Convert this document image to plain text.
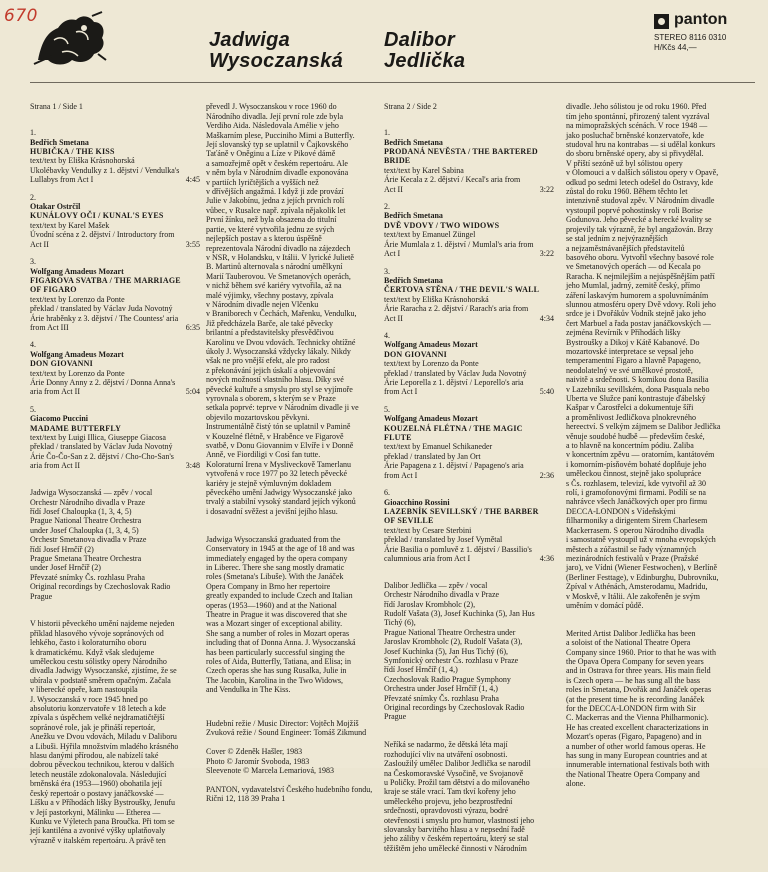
670
Jadwiga
Wysoczanská
Dalibor
Jedlička
panton
STEREO 8116 0310
H/Kčs 44,—

Strana 1 / Side 1

1.
Bedřich Smetana
HUBIČKA / THE KISS
text/text by Eliška Krásnohorská
Ukolébavky Vendulky z 1. dějství / Vendulka's
Lullabys from Act I	4:45
2.
Otakar Ostrčil
KUNÁLOVY OČI / KUNAL'S EYES
text/text by Karel Mašek
Úvodní scéna z 2. dějství / Introductory from
Act II	3:55
3.
Wolfgang Amadeus Mozart
FIGAROVA SVATBA / THE MARRIAGE
OF FIGARO
text/text by Lorenzo da Ponte
překlad / translated by Václav Juda Novotný
Árie hraběnky z 3. dějství / The Countess' aria
from Act III	6:35
4.
Wolfgang Amadeus Mozart
DON GIOVANNI
text/text by Lorenzo da Ponte
Árie Donny Anny z 2. dějství / Donna Anna's
aria from Act II	5:04
5.
Giacomo Puccini
MADAME BUTTERFLY
text/text by Luigi Illica, Giuseppe Giacosa
překlad / translated by Václav Juda Novotný
Árie Čo-Čo-San z 2. dějství / Cho-Cho-San's
aria from Act II	3:48

Jadwiga Wysoczanská — zpěv / vocal
Orchestr Národního divadla v Praze
řídí Josef Chaloupka (1, 3, 4, 5)
Prague National Theatre Orchestra
under Josef Chaloupka (1, 3, 4, 5)
Orchestr Smetanova divadla v Praze
řídí Josef Hrnčíř (2)
Prague Smetana Theatre Orchestra
under Josef Hrnčíř (2)
Převzaté snímky Čs. rozhlasu Praha
Original recordings by Czechoslovak Radio
Prague

V historii pěveckého umění najdeme nejeden
příklad hlasového vývoje sopránových od
lehkého, často i koloraturního oboru
k dramatickému. Když však sledujeme
uměleckou cestu sólistky opery Národního
divadla Jadwigy Wysoczanské, zjistíme, že se
ubírala v podstatě směrem opačným. Začala
v liberecké opeře, kam nastoupila
J. Wysoczanská v roce 1945 hned po
absolutoriu konzervatoře v 18 letech a kde
zpívala s úspěchem velké nejdramatičtější
sopránové role, jak je přináší repertoár,
Anežku ve Dvou vdovách, Miladu v Daliboru
a Libuši. Hýřila množstvím mladého krásného
hlasu danými přírodou, ale nabízelí také
dobrou pěveckou technikou, kterou v dalších
letech neustále zdokonalovala. Následující
brněnská éra (1953—1960) obohatila její
český repertoár o postavy janáčkovské —
Líšku a v Příhodách lišky Bystroušky, Jenufu
v Její pastorkyni, Málinku — Etherea —
Kunku ve Výletech pana Broučka. Při tom se
její kantiléna a zvonivé výšky uplatňovaly
výrazně v italském repertoáru. A právě ten

převedl J. Wysoczanskou v roce 1960 do
Národního divadla. Její první role zde byla
Verdiho Aida. Následovala Amélie v jeho
Maškarním plese, Pucciniho Mimi a Butterfly.
Její slovanský typ se uplatnil v Čajkovského
Taťáně v Oněginu a Líze v Pikové dámě
a samozřejmě opět v českém repertoáru. Ale
v něm byla v Národním divadle exponována
v partiích lyričtějších a vyšších než
v dřívějších angažmá. I když ji zde provází
Julie v Jakobínu, jedna z jejích prvních rolí
vůbec, v Rusalce např. zpívala nějakolik let
První žínku, než byla obsazena do titulní
partie, ve které vytvořila jednu ze svých
nejlepších postav a s kterou úspěšně
reprezentovala Národní divadlo na zájezdech
v NSR, v Holandsku, v Itálii. V lyrické Julietě
B. Martinů alternovala s národní umělkyní
Marií Tauberovou. Ve Smetanových operách,
v nichž během své kariéry vytvořila, až na
malé výjimky, všechny postavy, zpívala
v Národním divadle nejen Vlčenku
v Braniborech v Čechách, Mařenku, Vendulku,
Již předcházela Barče, ale také pěvecky
brilantní a představitelsky přesvědčivou
Karolinu ve Dvou vdovách. Technicky ohtížné
úkoly J. Wysoczanská vždycky lákaly. Nikdy
však ne pro vnější efekt, ale pro radost
z překonávání jejich úskalí a objevování
nových možností vlastního hlasu. Díky své
pěvecké kultuře a smyslu pro styl se vyjímoře
vyrovnala s oborem, s kterým se v Praze
setkala poprvé: teprve v Národním divadle ji ve
objevilo mozartovskou pěvkyni.
Instrumentálně čistý tón se uplatnil v Pamině
v Kouzelné flétně, v Hraběnce ve Figarově
svatbě, v Donu Giovannim v Elvíře i v Donně
Anně, ve Fiordiligi v Così fan tutte.
Koloraturní Irena v Mysliveckově Tamerlanu
vytvořená v roce 1977 po 32 letech pěvecké
kariéry je stejně výmluvným dokladem
pěveckého umění Jadwigy Wysoczanské jako
trvalý a stabilní vysoký standard jejích výkonů
i dosavadní svěžest a jevišní jejího hlasu.

Jadwiga Wysoczanská graduated from the
Conservatory in 1945 at the age of 18 and was
immediately engaged by the opera company
in Liberec. There she sang mostly dramatic
roles (Smetana's Libuše). With the Janáček
Opera Company in Brno her repertoire
greatly expanded to include Czech and Italian
operas (1953—1960) and at the National
Theatre in Prague it was discovered that she
was a Mozart singer of exceptional ability.
She sang a number of roles in Mozart operas
including that of Donna Anna. J. Wysoczanská
has been particularly successful singing the
roles of Aida, Butterfly, Tatiana, and Elisa; in
Czech operas she has sung Rusalka, Julie in
The Jacobin, Karolina in the Two Widows,
and Vendulka in The Kiss.

Hudební režie / Music Director: Vojtěch Mojžíš
Zvuková režie / Sound Engineer: Tomáš Zikmund

Cover © Zdeněk Hašler, 1983
Photo © Jaromír Svoboda, 1983
Sleevenote © Marcela Lemariová, 1983

PANTON, vydavatelství Českého hudebního fondu,
Rični 12, 118 39 Praha 1

Strana 2 / Side 2

1.
Bedřich Smetana
PRODANÁ NEVĚSTA / THE BARTERED
BRIDE
text/text by Karel Sabina
Árie Kecala z 2. dějství / Kecal's aria from
Act II	3:22
2.
Bedřich Smetana
DVĚ VDOVY / TWO WIDOWS
text/text by Emanuel Züngel
Árie Mumlala z 1. dějství / Mumlal's aria from
Act I	3:22
3.
Bedřich Smetana
ČERTOVA STĚNA / THE DEVIL'S WALL
text/text by Eliška Krásnohorská
Árie Raracha z 2. dějství / Rarach's aria from
Act II	4:34
4.
Wolfgang Amadeus Mozart
DON GIOVANNI
text/text by Lorenzo da Ponte
překlad / translated by Václav Juda Novotný
Árie Leporella z 1. dějství / Leporello's aria
from Act I	5:40
5.
Wolfgang Amadeus Mozart
KOUZELNÁ FLÉTNA / THE MAGIC
FLUTE
text/text by Emanuel Schikaneder
překlad / translated by Jan Ort
Árie Papagena z 1. dějství / Papageno's aria
from Act I	2:36
6.
Gioacchino Rossini
LAZEBNÍK SEVILLSKÝ / THE BARBER
OF SEVILLE
text/text by Cesare Sterbini
překlad / translated by Josef Vymětal
Árie Basilia o pomluvě z 1. dějství / Bassilio's
calumnious aria from Act I	4:36

Dalibor Jedlička — zpěv / vocal
Orchestr Národního divadla v Praze
řídí Jaroslav Krombholc (2),
Rudolf Vašata (3), Josef Kuchinka (5), Jan Hus
Tichý (6),
Prague National Theatre Orchestra under
Jaroslav Krombholc (2), Rudolf Vašata (3),
Josef Kuchinka (5), Jan Hus Tichý (6),
Symfonický orchestr Čs. rozhlasu v Praze
řídí Josef Hrnčíř (1, 4,)
Czechoslovak Radio Prague Symphony
Orchestra under Josef Hrnčíř (1, 4,)
Převzaté snímky Čs. rozhlasu Praha
Original recordings by Czechoslovak Radio
Prague

Neříká se nadarmo, že dětská léta mají
rozhodující vliv na utváření osobnosti.
Zasloužilý umělec Dalibor Jedlička se narodil
na Českomoravské Vysočině, ve Svojanově
u Poličky. Prožil tam dětství a do milovaného
kraje se stále vrací. Tam tkví kořeny jeho
uměleckého projevu, jeho bezprostřední
srdečnosti, opravdovosti výrazu, bodré
otevřenosti i smyslu pro humor, vlastností jeho
slovansky barvitého hlasu a v nepsední řadě
jeho záliby v českém repertoáru, který se stal
těžištěm jeho umělecké činnosti v Národním

divadle. Jeho sólistou je od roku 1960. Před
tím jeho spontánní, přirozený talent vyzrával
na mimopražských scénách. V roce 1948 —
jako posluchač brněnské konzervatoře, kde
studoval hru na kontrabas — si udělal konkurs
do sboru brněnské opery, aby si přivydělal.
V příští sezóně už byl sólistou opery
v Olomouci a v dalších sólistou opery v Opavě,
odkud po sedmi letech odešel do Ostravy, kde
zůstal do roku 1960. Během těchto let
intenzivně studoval zpěv. V Národním divadle
vystoupil poprvé pohostinsky v roli Borise
Godunova. Jeho pěvecké a herecké kvality se
projevily tak výrazně, že byl angažován. Brzy
se stal jedním z nejvýraznějších
a nejzaměstnávanějších představitelů
basového oboru. Vytvořil všechny basové role
ve Smetanových operách — od Kecala po
Raracha. K nejmilejším a nejúspěšnějším patří
jeho Mumlal, jadrný, zemitě český, přímo
záření laskavým humorem a spoluvnímáním
slunnou atmosféru opery Dvě vdovy. Roli jeho
srdce je i Dvořákův Vodník stejně jako jeho
čert Marbuel a řada postav janáčkovských —
zejména Revírník v Příhodách lišky
Bystroušky a Dikoj v Kátě Kabanové. Do
mozartovské interpretace se vepsal jeho
temperamentní Figaro a hlavně Papageno,
neodolatelný ve své umělkové prostotě,
naivitě a srdečnosti. S komikou dona Basilia
v Lazebníku sevillském, dona Pasquala nebo
Uberta ve Služce paní kontrastuje ďábelský
Kašpar v Čarostřelci a dokumentuje šíři
a proměnlivost Jedličkova plnokrevného
hereectví. S velkým zájmem se Dalibor Jedlička
věnuje soudobé hudbě — především české,
a to hlavně na koncertním pódiu. Zaliba
v koncertním zpěvu — oratorním, kantátovém
i komorním-písňovém bohaté doplňuje jeho
uměleckou činnost, stejně jako spolupráce
s Čs. rozhlasem, televizí, kde vytvořil až 30
rolí, i gramofonovými firmami. Podílí se na
nahrávce všech Janáčkových oper pro firmu
DECCA-LONDON s Vídeňskými
filharmoniky a dirigentem Sirem Charlesem
Mackerrasem. S operou Národního divadla
i samostatně vystoupil už v mnoha evropských
městech a zúčastnil se řady významných
mezinárodních festivalů v Praze (Pražské
jaro), ve Vídni (Wiener Festwochen), v Berlíně
(Berliner Festtage), v Edinburghu, Dubrovníku,
Zpíval v Athénách, Amsterodamu, Madridu,
v Moskvě, v Itálii. Ale zakořeněn je svým
uměním v domácí půdě.

Merited Artist Dalibor Jedlička has been
a soloist of the National Theatre Opera
Company since 1960. Prior to that he was with
the Opava Opera Company for seven years
and in Ostrava for three years. His main field
is Czech opera — he has sung all the bass
roles in Smetana, Dvořák and Janáček operas
(at the present time he is recording Janáček
for the DECCA-LONDON firm with Sir
C. Mackerras and the Vienna Philharmonic).
He has created excellent characterizations in
Mozart's operas (Figaro, Papageno) and in
a number of other world famous operas. He
has sung in many European countries and at
innumerable international festivals both with
the National Theatre Opera Company and
alone.
